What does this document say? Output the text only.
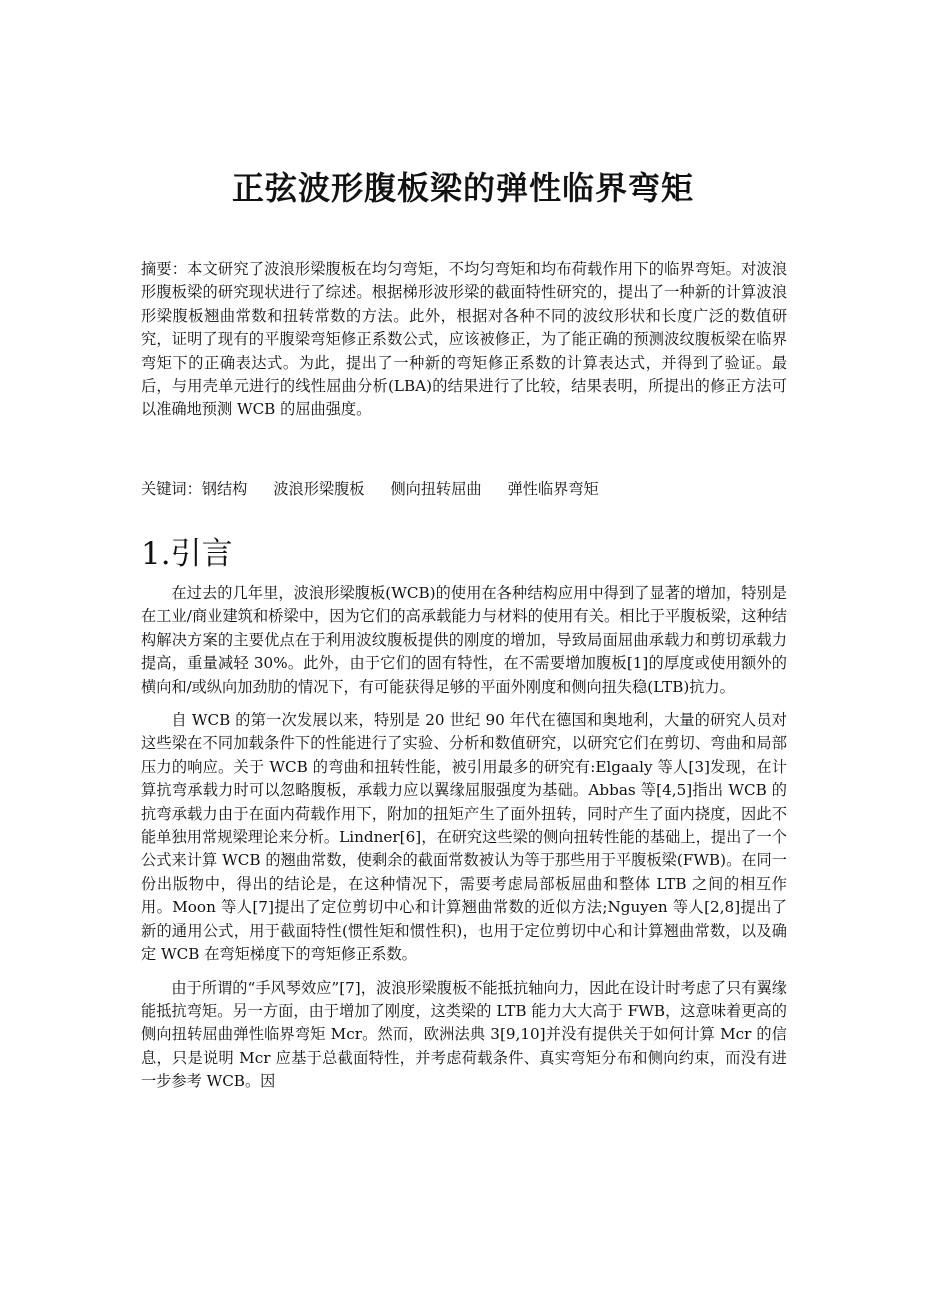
正弦波形腹板梁的弹性临界弯矩

摘要：本文研究了波浪形梁腹板在均匀弯矩，不均匀弯矩和均布荷载作用下的临界弯矩。对波浪形腹板梁的研究现状进行了综述。根据梯形波形梁的截面特性研究的，提出了一种新的计算波浪形梁腹板翘曲常数和扭转常数的方法。此外，根据对各种不同的波纹形状和长度广泛的数值研究，证明了现有的平腹梁弯矩修正系数公式，应该被修正，为了能正确的预测波纹腹板梁在临界弯矩下的正确表达式。为此，提出了一种新的弯矩修正系数的计算表达式，并得到了验证。最后，与用壳单元进行的线性屈曲分析(LBA)的结果进行了比较，结果表明，所提出的修正方法可以准确地预测 WCB 的屈曲强度。

关键词：钢结构 波浪形梁腹板 侧向扭转屈曲 弹性临界弯矩

1.引言

在过去的几年里，波浪形梁腹板(WCB)的使用在各种结构应用中得到了显著的增加，特别是在工业/商业建筑和桥梁中，因为它们的高承载能力与材料的使用有关。相比于平腹板梁，这种结构解决方案的主要优点在于利用波纹腹板提供的刚度的增加，导致局面屈曲承载力和剪切承载力提高，重量减轻 30%。此外，由于它们的固有特性，在不需要增加腹板[1]的厚度或使用额外的横向和/或纵向加劲肋的情况下，有可能获得足够的平面外刚度和侧向扭失稳(LTB)抗力。

自 WCB 的第一次发展以来，特别是 20 世纪 90 年代在德国和奥地利，大量的研究人员对这些梁在不同加载条件下的性能进行了实验、分析和数值研究，以研究它们在剪切、弯曲和局部压力的响应。关于 WCB 的弯曲和扭转性能，被引用最多的研究有:Elgaaly 等人[3]发现，在计算抗弯承载力时可以忽略腹板，承载力应以翼缘屈服强度为基础。Abbas 等[4,5]指出 WCB 的抗弯承载力由于在面内荷载作用下，附加的扭矩产生了面外扭转，同时产生了面内挠度，因此不能单独用常规梁理论来分析。Lindner[6]，在研究这些梁的侧向扭转性能的基础上，提出了一个公式来计算 WCB 的翘曲常数，使剩余的截面常数被认为等于那些用于平腹板梁(FWB)。在同一份出版物中，得出的结论是，在这种情况下，需要考虑局部板屈曲和整体 LTB 之间的相互作用。Moon 等人[7]提出了定位剪切中心和计算翘曲常数的近似方法;Nguyen 等人[2,8]提出了新的通用公式，用于截面特性(惯性矩和惯性积)，也用于定位剪切中心和计算翘曲常数，以及确定 WCB 在弯矩梯度下的弯矩修正系数。

由于所谓的“手风琴效应”[7]，波浪形梁腹板不能抵抗轴向力，因此在设计时考虑了只有翼缘能抵抗弯矩。另一方面，由于增加了刚度，这类梁的 LTB 能力大大高于 FWB，这意味着更高的侧向扭转屈曲弹性临界弯矩 Mcr。然而，欧洲法典 3[9,10]并没有提供关于如何计算 Mcr 的信息，只是说明 Mcr 应基于总截面特性，并考虑荷载条件、真实弯矩分布和侧向约束，而没有进一步参考 WCB。因
